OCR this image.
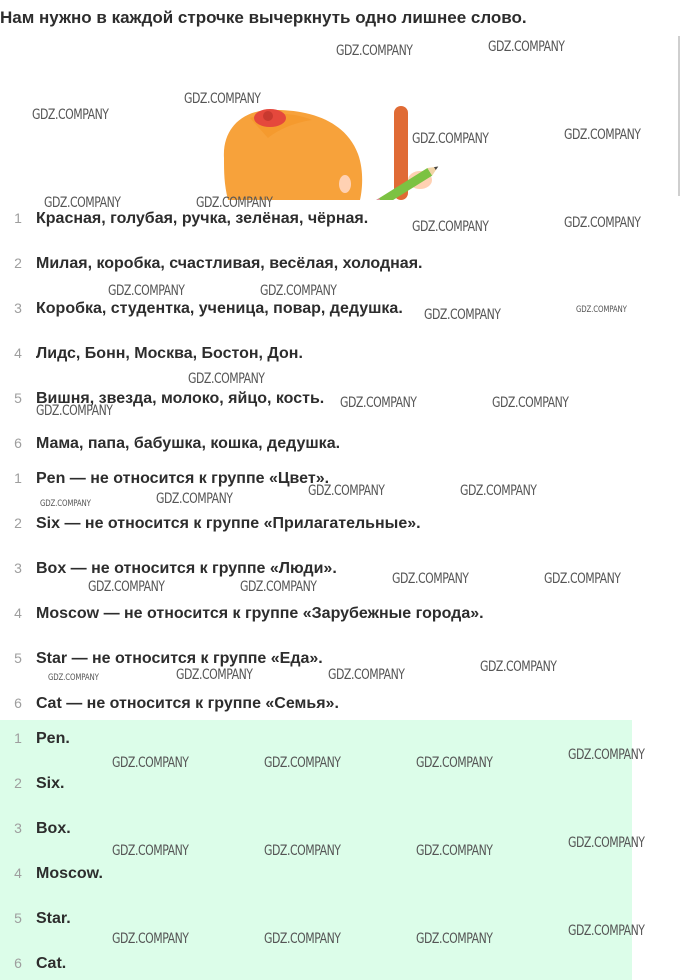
Нам нужно в каждой строчке вычеркнуть одно лишнее слово.
1 Красная, голубая, ручка, зелёная, чёрная.
2 Милая, коробка, счастливая, весёлая, холодная.
3 Коробка, студентка, ученица, повар, дедушка.
4 Лидс, Бонн, Москва, Бостон, Дон.
5 Вишня, звезда, молоко, яйцо, кость.
6 Мама, папа, бабушка, кошка, дедушка.
1 Pen — не относится к группе «Цвет».
2 Six — не относится к группе «Прилагательные».
3 Box — не относится к группе «Люди».
4 Moscow — не относится к группе «Зарубежные города».
5 Star — не относится к группе «Еда».
6 Cat — не относится к группе «Семья».
1 Pen.
2 Six.
3 Box.
4 Moscow.
5 Star.
6 Cat.
GDZ.COMPANY	GDZ.COMPANY
GDZ.COMPANY
GDZ.COMPANY
GDZ.COMPANY	GDZ.COMPANY
GDZ.COMPANY	GDZ.COMPANY
GDZ.COMPANY	GDZ.COMPANY
GDZ.COMPANY	GDZ.COMPANY
GDZ.COMPANY	GDZ.COMPANY
GDZ.COMPANY
GDZ.COMPANY	GDZ.COMPANY
GDZ.COMPANY
GDZ.COMPANY	GDZ.COMPANY
GDZ.COMPANY
GDZ.COMPANY
GDZ.COMPANY	GDZ.COMPANY
GDZ.COMPANY	GDZ.COMPANY
GDZ.COMPANY
GDZ.COMPANY	GDZ.COMPANY
GDZ.COMPANY
GDZ.COMPANY
GDZ.COMPANY	GDZ.COMPANY	GDZ.COMPANY
GDZ.COMPANY
GDZ.COMPANY	GDZ.COMPANY	GDZ.COMPANY
GDZ.COMPANY
GDZ.COMPANY	GDZ.COMPANY	GDZ.COMPANY
